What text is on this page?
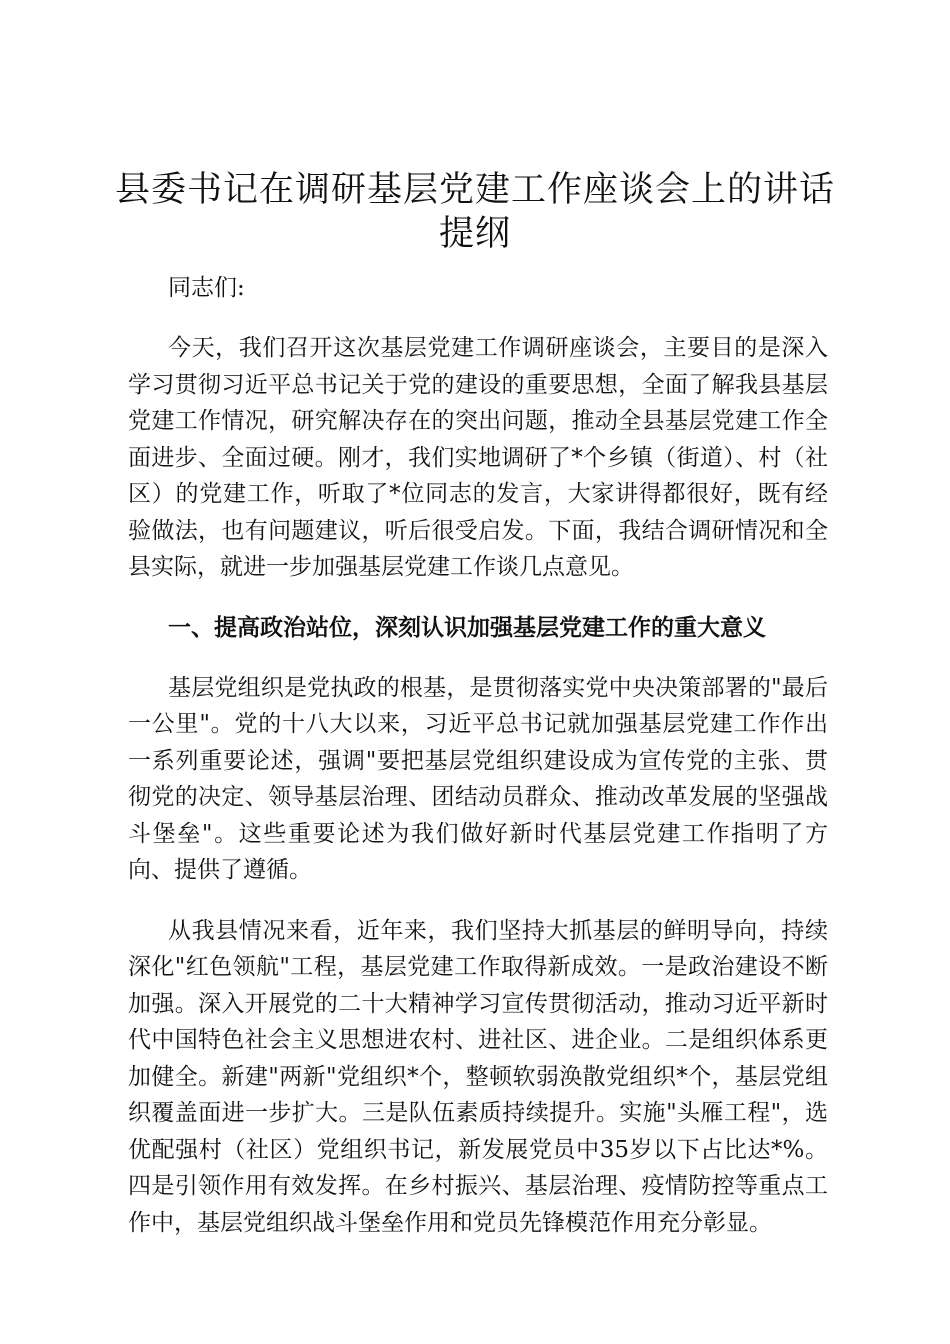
县委书记在调研基层党建工作座谈会上的讲话提纲

同志们:

今天，我们召开这次基层党建工作调研座谈会，主要目的是深入学习贯彻习近平总书记关于党的建设的重要思想，全面了解我县基层党建工作情况，研究解决存在的突出问题，推动全县基层党建工作全面进步、全面过硬。刚才，我们实地调研了*个乡镇（街道）、村（社区）的党建工作，听取了*位同志的发言，大家讲得都很好，既有经验做法，也有问题建议，听后很受启发。下面，我结合调研情况和全县实际，就进一步加强基层党建工作谈几点意见。

一、提高政治站位，深刻认识加强基层党建工作的重大意义

基层党组织是党执政的根基，是贯彻落实党中央决策部署的"最后一公里"。党的十八大以来，习近平总书记就加强基层党建工作作出一系列重要论述，强调"要把基层党组织建设成为宣传党的主张、贯彻党的决定、领导基层治理、团结动员群众、推动改革发展的坚强战斗堡垒"。这些重要论述为我们做好新时代基层党建工作指明了方向、提供了遵循。

从我县情况来看，近年来，我们坚持大抓基层的鲜明导向，持续深化"红色领航"工程，基层党建工作取得新成效。一是政治建设不断加强。深入开展党的二十大精神学习宣传贯彻活动，推动习近平新时代中国特色社会主义思想进农村、进社区、进企业。二是组织体系更加健全。新建"两新"党组织*个，整顿软弱涣散党组织*个，基层党组织覆盖面进一步扩大。三是队伍素质持续提升。实施"头雁工程"，选优配强村（社区）党组织书记，新发展党员中35岁以下占比达*%。四是引领作用有效发挥。在乡村振兴、基层治理、疫情防控等重点工作中，基层党组织战斗堡垒作用和党员先锋模范作用充分彰显。
